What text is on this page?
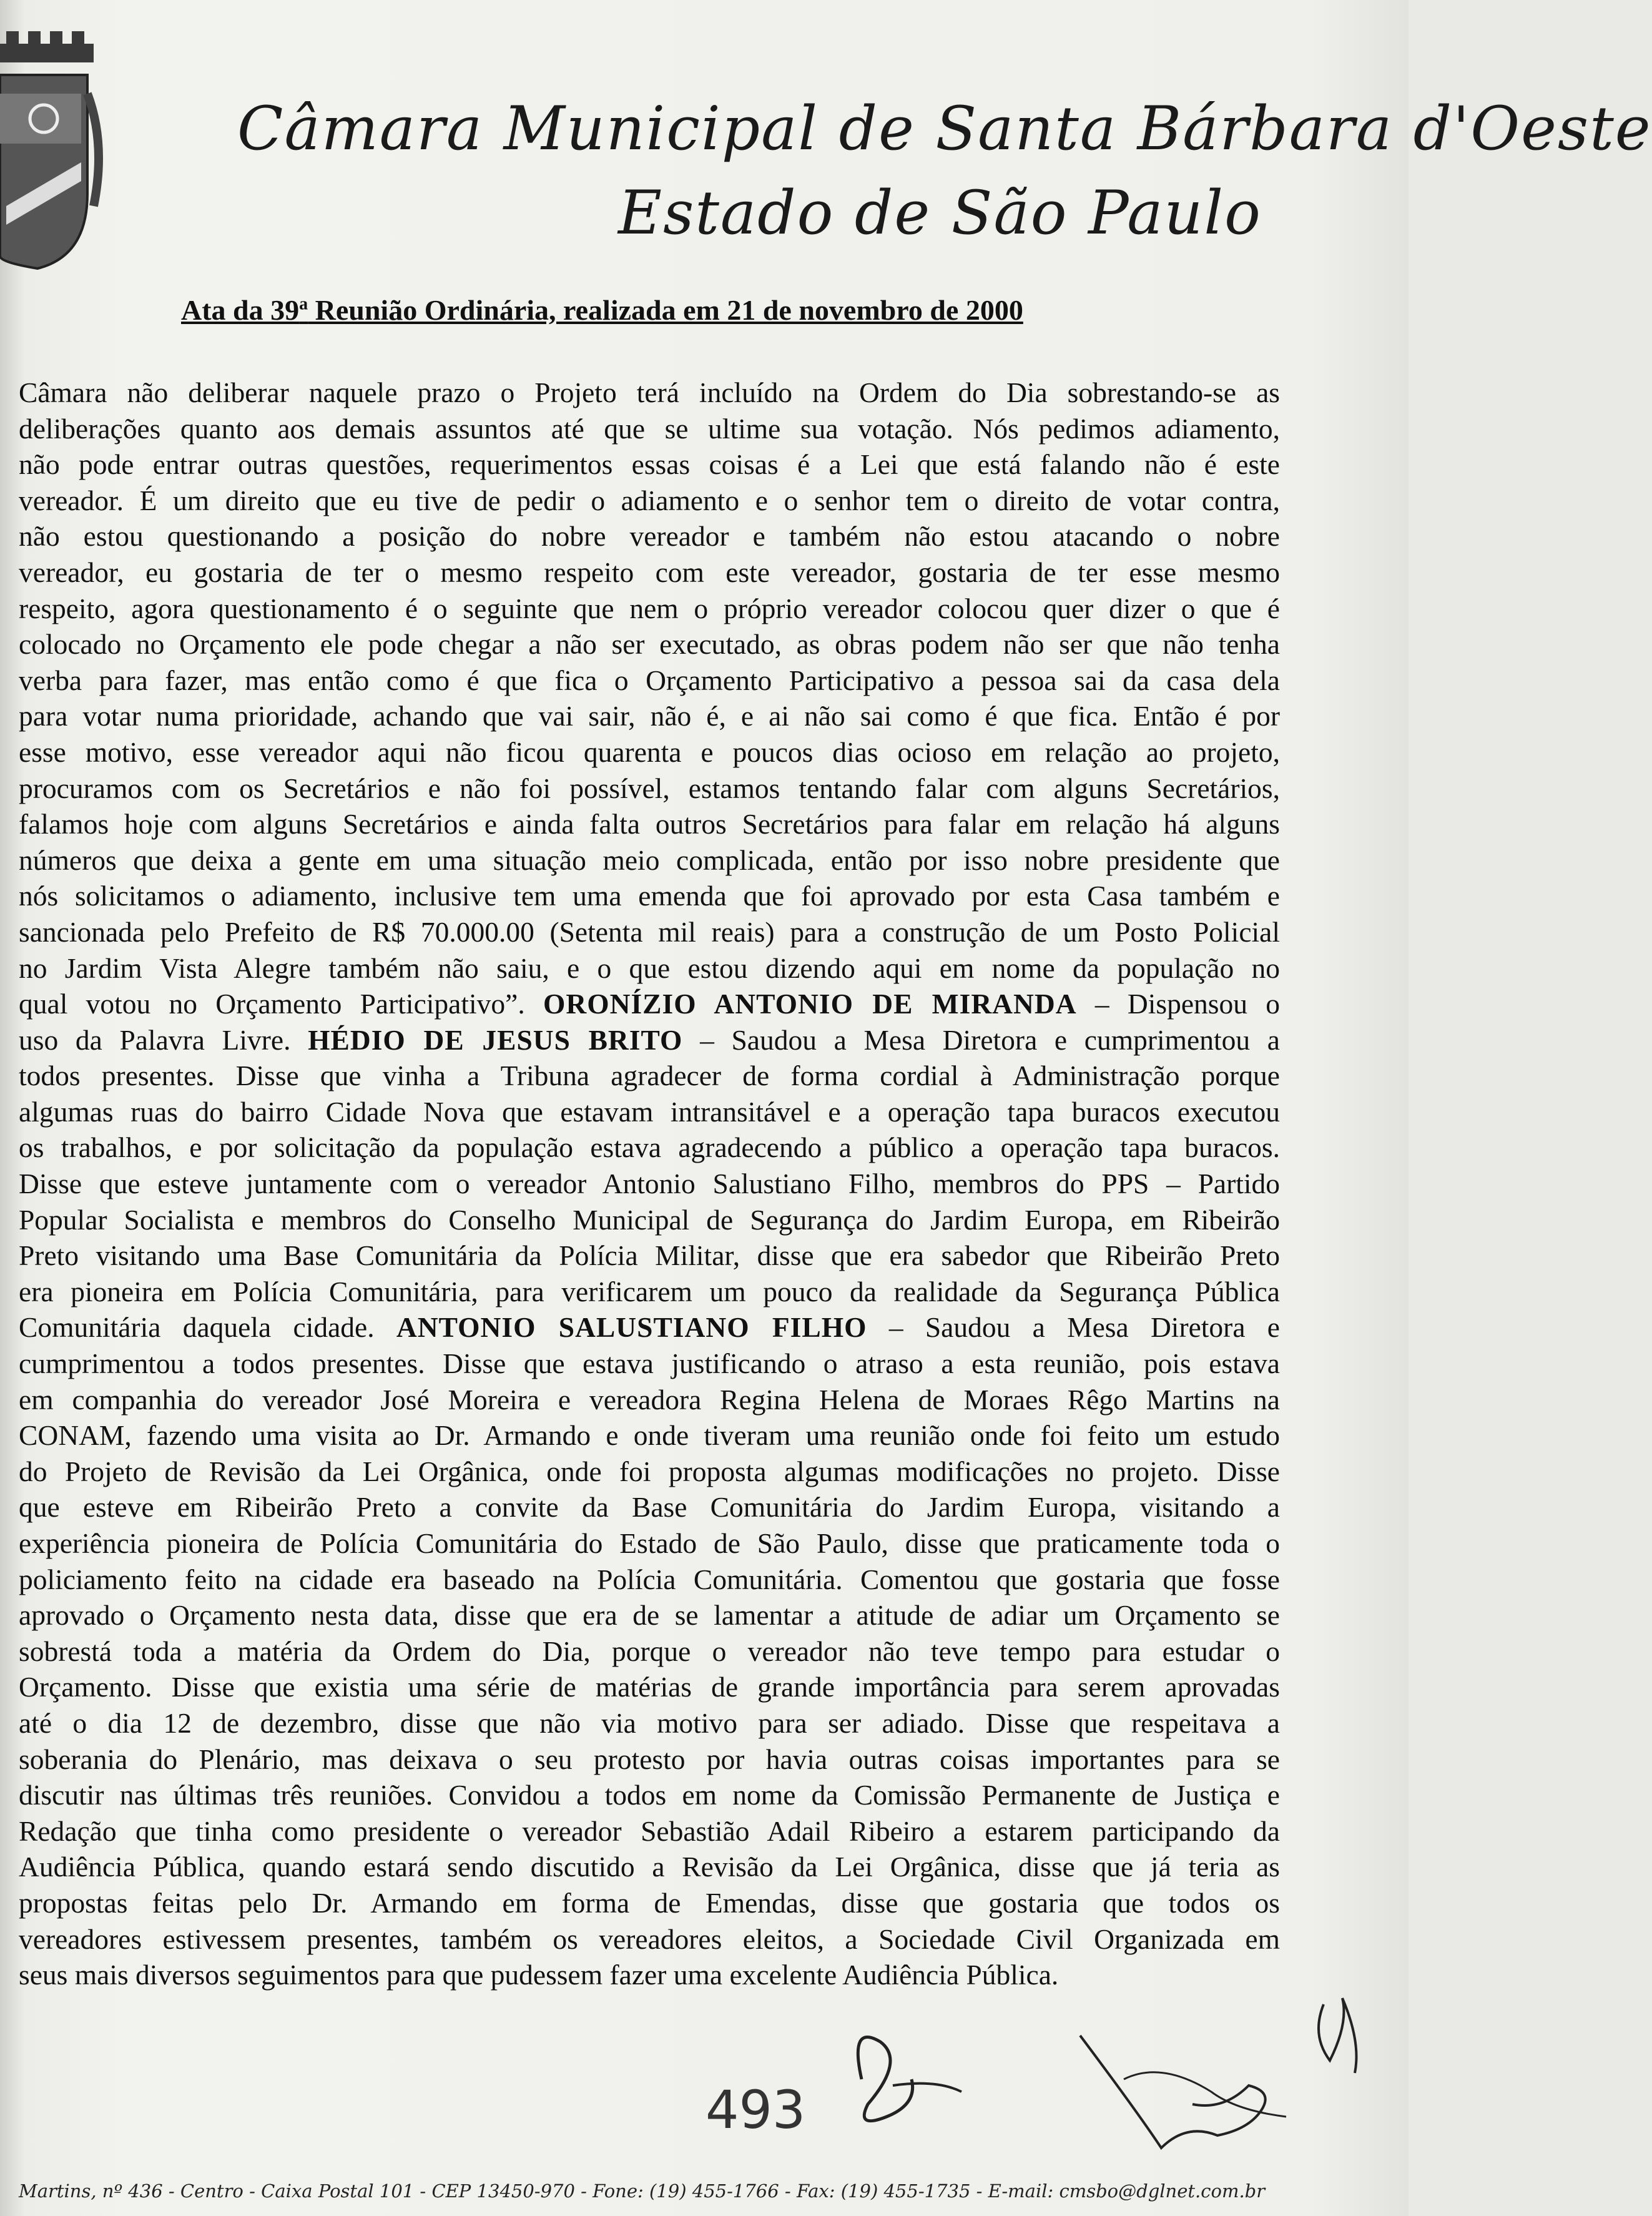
Câmara Municipal de Santa Bárbara d'Oeste
Estado de São Paulo
Ata da 39$^a$ Reunião Ordinária, realizada em 21 de novembro de 2000
Câmara não deliberar naquele prazo o Projeto terá incluído na Ordem do Dia sobrestando-se as
deliberações quanto aos demais assuntos até que se ultime sua votação. Nós pedimos adiamento,
não pode entrar outras questões, requerimentos essas coisas é a Lei que está falando não é este
vereador. É um direito que eu tive de pedir o adiamento e o senhor tem o direito de votar contra,
não estou questionando a posição do nobre vereador e também não estou atacando o nobre
vereador, eu gostaria de ter o mesmo respeito com este vereador, gostaria de ter esse mesmo
respeito, agora questionamento é o seguinte que nem o próprio vereador colocou quer dizer o que é
colocado no Orçamento ele pode chegar a não ser executado, as obras podem não ser que não tenha
verba para fazer, mas então como é que fica o Orçamento Participativo a pessoa sai da casa dela
para votar numa prioridade, achando que vai sair, não é, e ai não sai como é que fica. Então é por
esse motivo, esse vereador aqui não ficou quarenta e poucos dias ocioso em relação ao projeto,
procuramos com os Secretários e não foi possível, estamos tentando falar com alguns Secretários,
falamos hoje com alguns Secretários e ainda falta outros Secretários para falar em relação há alguns
números que deixa a gente em uma situação meio complicada, então por isso nobre presidente que
nós solicitamos o adiamento, inclusive tem uma emenda que foi aprovado por esta Casa também e
sancionada pelo Prefeito de R$ 70.000.00 (Setenta mil reais) para a construção de um Posto Policial
no Jardim Vista Alegre também não saiu, e o que estou dizendo aqui em nome da população no
qual votou no Orçamento Participativo”. ORONÍZIO ANTONIO DE MIRANDA – Dispensou o
uso da Palavra Livre. HÉDIO DE JESUS BRITO – Saudou a Mesa Diretora e cumprimentou a
todos presentes. Disse que vinha a Tribuna agradecer de forma cordial à Administração porque
algumas ruas do bairro Cidade Nova que estavam intransitável e a operação tapa buracos executou
os trabalhos, e por solicitação da população estava agradecendo a público a operação tapa buracos.
Disse que esteve juntamente com o vereador Antonio Salustiano Filho, membros do PPS – Partido
Popular Socialista e membros do Conselho Municipal de Segurança do Jardim Europa, em Ribeirão
Preto visitando uma Base Comunitária da Polícia Militar, disse que era sabedor que Ribeirão Preto
era pioneira em Polícia Comunitária, para verificarem um pouco da realidade da Segurança Pública
Comunitária daquela cidade. ANTONIO SALUSTIANO FILHO – Saudou a Mesa Diretora e
cumprimentou a todos presentes. Disse que estava justificando o atraso a esta reunião, pois estava
em companhia do vereador José Moreira e vereadora Regina Helena de Moraes Rêgo Martins na
CONAM, fazendo uma visita ao Dr. Armando e onde tiveram uma reunião onde foi feito um estudo
do Projeto de Revisão da Lei Orgânica, onde foi proposta algumas modificações no projeto. Disse
que esteve em Ribeirão Preto a convite da Base Comunitária do Jardim Europa, visitando a
experiência pioneira de Polícia Comunitária do Estado de São Paulo, disse que praticamente toda o
policiamento feito na cidade era baseado na Polícia Comunitária. Comentou que gostaria que fosse
aprovado o Orçamento nesta data, disse que era de se lamentar a atitude de adiar um Orçamento se
sobrestá toda a matéria da Ordem do Dia, porque o vereador não teve tempo para estudar o
Orçamento. Disse que existia uma série de matérias de grande importância para serem aprovadas
até o dia 12 de dezembro, disse que não via motivo para ser adiado. Disse que respeitava a
soberania do Plenário, mas deixava o seu protesto por havia outras coisas importantes para se
discutir nas últimas três reuniões. Convidou a todos em nome da Comissão Permanente de Justiça e
Redação que tinha como presidente o vereador Sebastião Adail Ribeiro a estarem participando da
Audiência Pública, quando estará sendo discutido a Revisão da Lei Orgânica, disse que já teria as
propostas feitas pelo Dr. Armando em forma de Emendas, disse que gostaria que todos os
vereadores estivessem presentes, também os vereadores eleitos, a Sociedade Civil Organizada em
seus mais diversos seguimentos para que pudessem fazer uma excelente Audiência Pública.
493
Martins, nº 436 - Centro - Caixa Postal 101 - CEP 13450-970 - Fone: (19) 455-1766 - Fax: (19) 455-1735 - E-mail: cmsbo@dglnet.com.br
